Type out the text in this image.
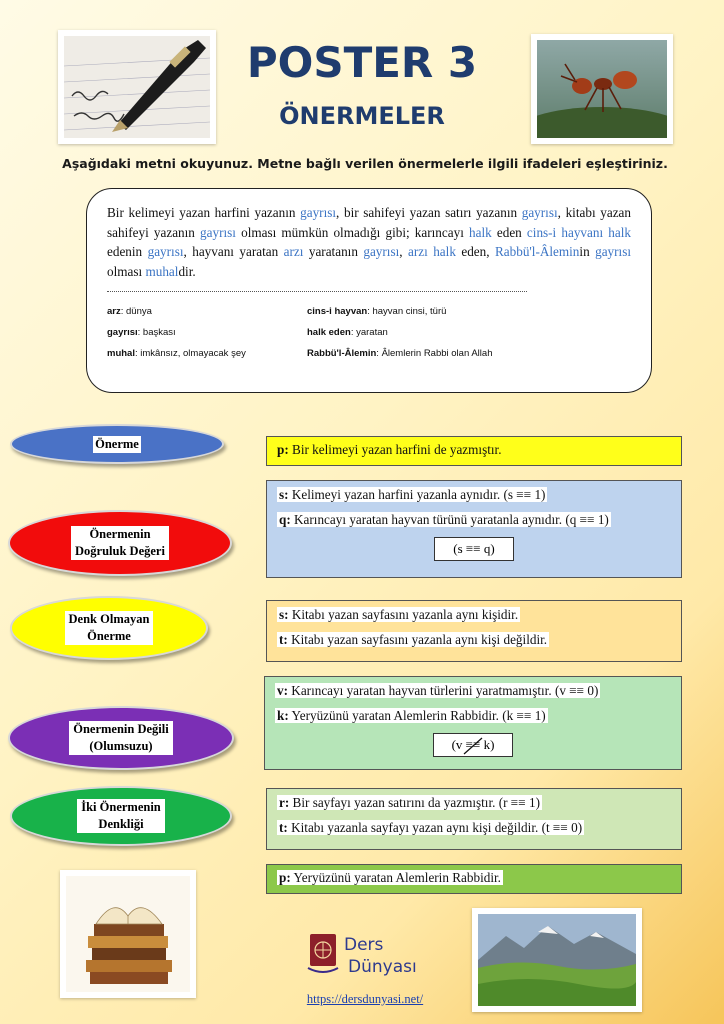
POSTER 3
ÖNERMELER
Aşağıdaki metni okuyunuz. Metne bağlı verilen önermelerle ilgili ifadeleri eşleştiriniz.
Bir kelimeyi yazan harfini yazanın gayrısı, bir sahifeyi yazan satırı yazanın gayrısı, kitabı yazan sahifeyi yazanın gayrısı olması mümkün olmadığı gibi; karıncayı halk eden cins-i hayvanı halk edenin gayrısı, hayvanı yaratan arzı yaratanın gayrısı, arzı halk eden, Rabbü'l-Âleminin gayrısı olması muhaldir.
arz: dünya	cins-i hayvan: hayvan cinsi, türü
gayrısı: başkası	halk eden: yaratan
muhal: imkânsız, olmayacak şey	Rabbü'l-Âlemin: Âlemlerin Rabbi olan Allah
Önerme
Önermenin
Doğruluk Değeri
Denk Olmayan
Önerme
Önermenin Değili
(Olumsuzu)
İki Önermenin
Denkliği
p: Bir kelimeyi yazan harfini de yazmıştır.
s: Kelimeyi yazan harfini yazanla aynıdır. (s ≡≡ 1)
q: Karıncayı yaratan hayvan türünü yaratanla aynıdır. (q ≡≡ 1)
(s ≡≡ q)
s: Kitabı yazan sayfasını yazanla aynı kişidir.
t: Kitabı yazan sayfasını yazanla aynı kişi değildir.
v: Karıncayı yaratan hayvan türlerini yaratmamıştır. (v ≡≡ 0)
k: Yeryüzünü yaratan Alemlerin Rabbidir. (k ≡≡ 1)
(v ≡≡ k)
r: Bir sayfayı yazan satırını da yazmıştır. (r ≡≡ 1)
t: Kitabı yazanla sayfayı yazan aynı kişi değildir. (t ≡≡ 0)
p: Yeryüzünü yaratan Alemlerin Rabbidir.
Ders
Dünyası
https://dersdunyasi.net/
